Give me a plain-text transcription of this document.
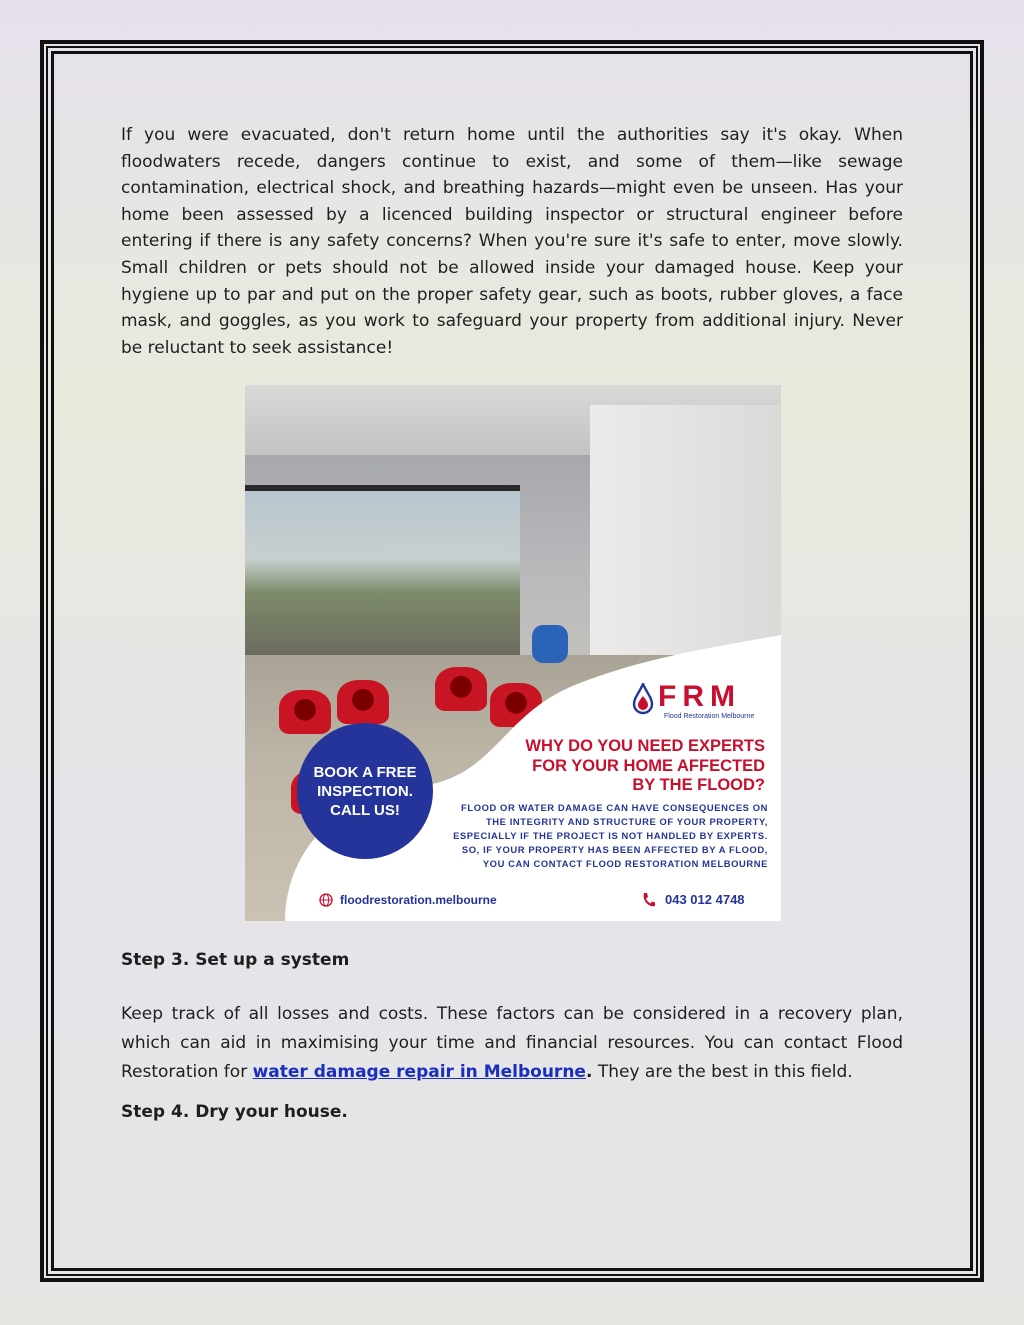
If you were evacuated, don't return home until the authorities say it's okay. When floodwaters recede, dangers continue to exist, and some of them—like sewage contamination, electrical shock, and breathing hazards—might even be unseen. Has your home been assessed by a licenced building inspector or structural engineer before entering if there is any safety concerns? When you're sure it's safe to enter, move slowly. Small children or pets should not be allowed inside your damaged house. Keep your hygiene up to par and put on the proper safety gear, such as boots, rubber gloves, a face mask, and goggles, as you work to safeguard your property from additional injury. Never be reluctant to seek assistance!

BOOK A FREE INSPECTION. CALL US!
FRM
Flood Restoration Melbourne

WHY DO YOU NEED EXPERTS FOR YOUR HOME AFFECTED BY THE FLOOD?

FLOOD OR WATER DAMAGE CAN HAVE CONSEQUENCES ON THE INTEGRITY AND STRUCTURE OF YOUR PROPERTY, ESPECIALLY IF THE PROJECT IS NOT HANDLED BY EXPERTS. SO, IF YOUR PROPERTY HAS BEEN AFFECTED BY A FLOOD, YOU CAN CONTACT FLOOD RESTORATION MELBOURNE

floodrestoration.melbourne	043 012 4748
Step 3. Set up a system

Keep track of all losses and costs. These factors can be considered in a recovery plan, which can aid in maximising your time and financial resources. You can contact Flood Restoration for water damage repair in Melbourne. They are the best in this field.

Step 4. Dry your house.
